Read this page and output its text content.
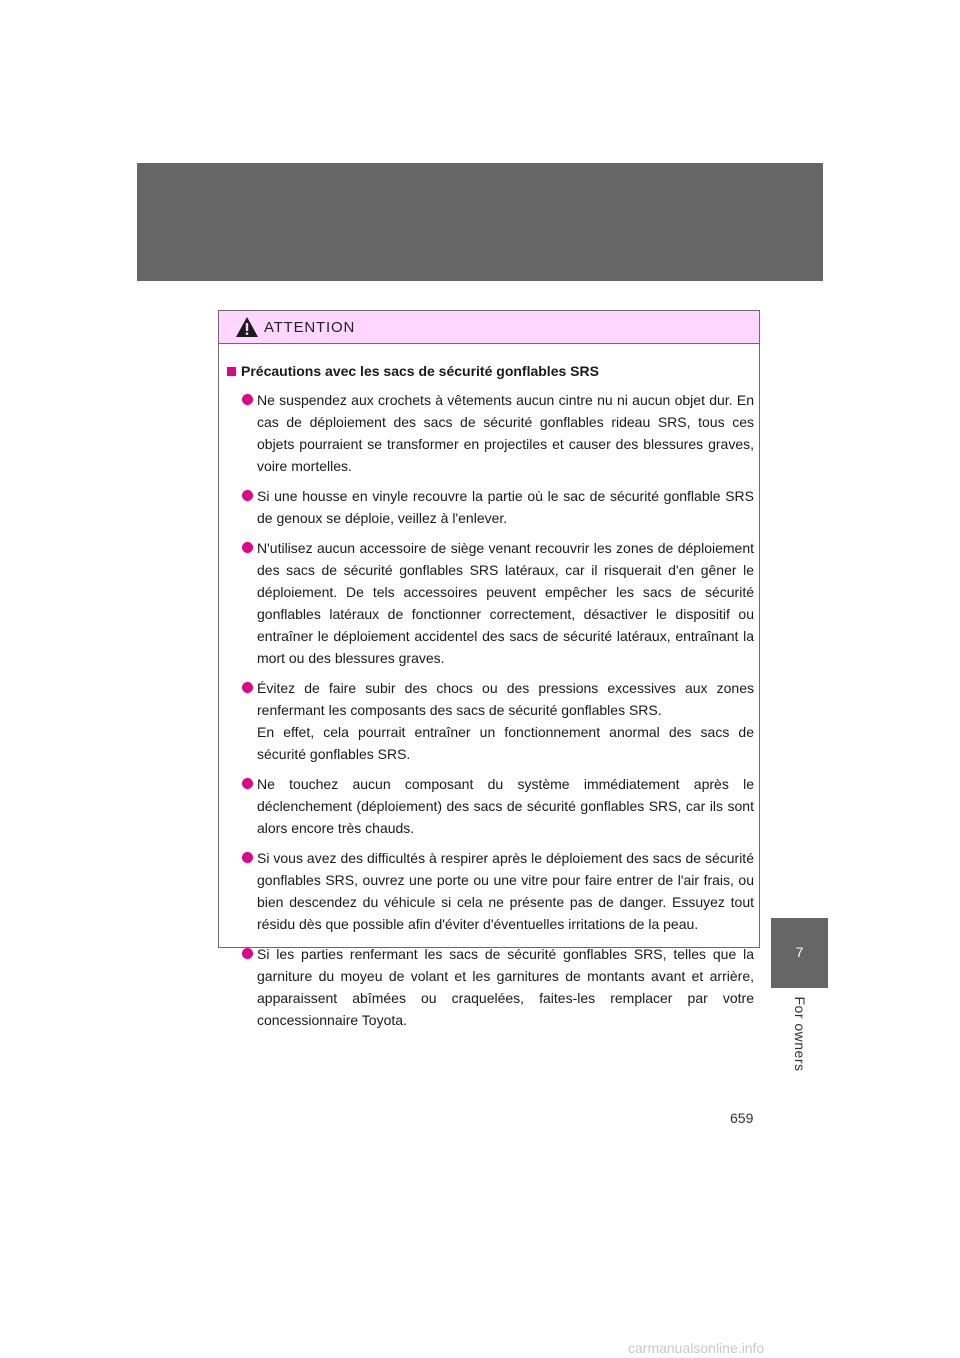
7
For owners
ATTENTION
Précautions avec les sacs de sécurité gonflables SRS
Ne suspendez aux crochets à vêtements aucun cintre nu ni aucun objet dur. En cas de déploiement des sacs de sécurité gonflables rideau SRS, tous ces objets pourraient se transformer en projectiles et causer des blessures graves, voire mortelles.
Si une housse en vinyle recouvre la partie où le sac de sécurité gonflable SRS de genoux se déploie, veillez à l'enlever.
N'utilisez aucun accessoire de siège venant recouvrir les zones de déploiement des sacs de sécurité gonflables SRS latéraux, car il risquerait d'en gêner le déploiement. De tels accessoires peuvent empêcher les sacs de sécurité gonflables latéraux de fonctionner correctement, désactiver le dispositif ou entraîner le déploiement accidentel des sacs de sécurité latéraux, entraînant la mort ou des blessures graves.
Évitez de faire subir des chocs ou des pressions excessives aux zones renfermant les composants des sacs de sécurité gonflables SRS.
En effet, cela pourrait entraîner un fonctionnement anormal des sacs de sécurité gonflables SRS.
Ne touchez aucun composant du système immédiatement après le déclenchement (déploiement) des sacs de sécurité gonflables SRS, car ils sont alors encore très chauds.
Si vous avez des difficultés à respirer après le déploiement des sacs de sécurité gonflables SRS, ouvrez une porte ou une vitre pour faire entrer de l'air frais, ou bien descendez du véhicule si cela ne présente pas de danger. Essuyez tout résidu dès que possible afin d'éviter d'éventuelles irritations de la peau.
Si les parties renfermant les sacs de sécurité gonflables SRS, telles que la garniture du moyeu de volant et les garnitures de montants avant et arrière, apparaissent abîmées ou craquelées, faites-les remplacer par votre concessionnaire Toyota.
659
carmanualsonline.info
